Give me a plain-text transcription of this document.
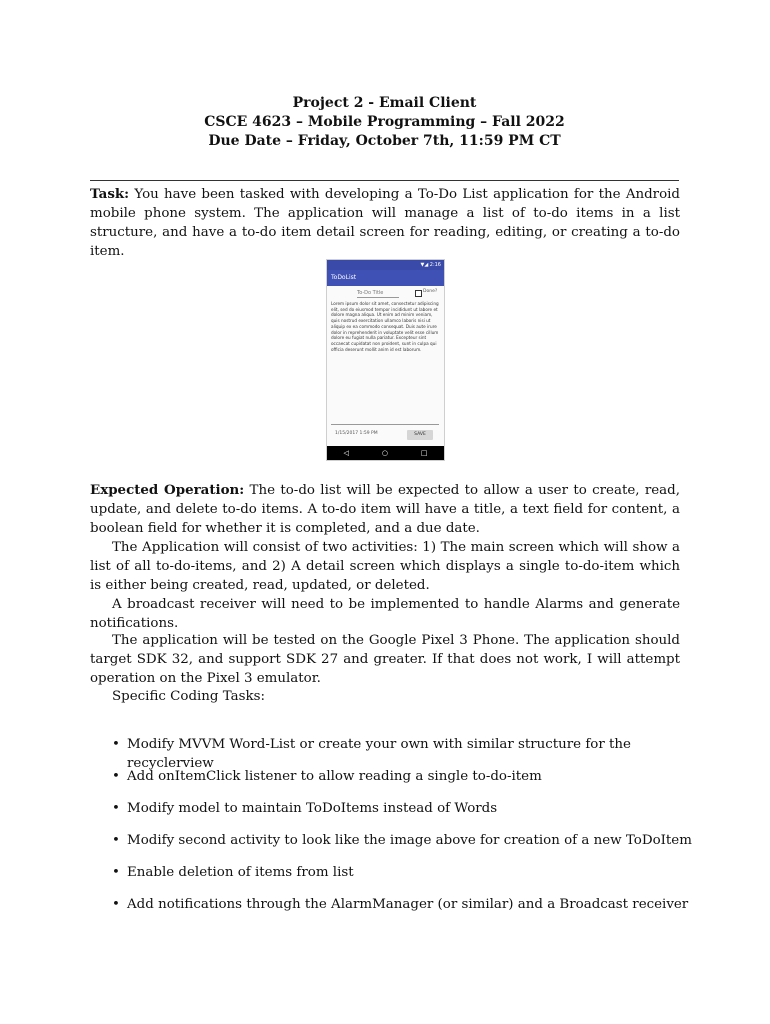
Project 2 - Email Client
CSCE 4623 – Mobile Programming – Fall 2022
Due Date – Friday, October 7th, 11:59 PM CT
Task: You have been tasked with developing a To-Do List application for the Android mobile phone system. The application will manage a list of to-do items in a list structure, and have a to-do item detail screen for reading, editing, or creating a to-do item.
▼◢ 2:16
ToDoList
To-Do Title	Done?
Lorem ipsum dolor sit amet, consectetur adipiscing elit, sed do eiusmod tempor incididunt ut labore et dolore magna aliqua. Ut enim ad minim veniam, quis nostrud exercitation ullamco laboris nisi ut aliquip ex ea commodo consequat. Duis aute irure dolor in reprehenderit in voluptate velit esse cillum dolore eu fugiat nulla pariatur. Excepteur sint occaecat cupidatat non proident, sunt in culpa qui officia deserunt mollit anim id est laborum.
1/15/2017 1:59 PM	SAVE
◁	○	□
Expected Operation: The to-do list will be expected to allow a user to create, read, update, and delete to-do items. A to-do item will have a title, a text field for content, a boolean field for whether it is completed, and a due date.
The Application will consist of two activities: 1) The main screen which will show a list of all to-do-items, and 2) A detail screen which displays a single to-do-item which is either being created, read, updated, or deleted.
A broadcast receiver will need to be implemented to handle Alarms and generate notifications.
The application will be tested on the Google Pixel 3 Phone. The application should target SDK 32, and support SDK 27 and greater. If that does not work, I will attempt operation on the Pixel 3 emulator.
Specific Coding Tasks:
• Modify MVVM Word-List or create your own with similar structure for the recyclerview
• Add onItemClick listener to allow reading a single to-do-item
• Modify model to maintain ToDoItems instead of Words
• Modify second activity to look like the image above for creation of a new ToDoItem
• Enable deletion of items from list
• Add notifications through the AlarmManager (or similar) and a Broadcast receiver
